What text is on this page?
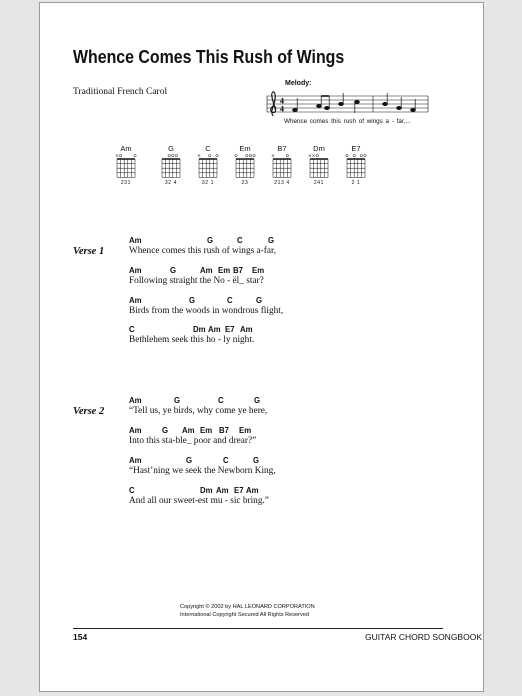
Whence Comes This Rush of Wings
Traditional French Carol
Melody:
4
4
Whence comes this rush of wings a - far,...
Am
231
G
32 4
C
32 1
Em
23
B7
213 4
Dm
241
E7
2 1
Verse 1
Am	G	C	G
Whence comes this rush of wings a-far,
Am	G	Am Em B7 Em
Following straight the No - ël_ star?
Am	G	C	G
Birds from the woods in wondrous flight,
C	Dm Am E7 Am
Bethlehem seek this ho - ly night.
Verse 2
Am	G	C	G
“Tell us, ye birds, why come ye here,
Am	G Am Em B7 Em
Into this sta-ble_ poor and drear?”
Am	G	C	G
“Hast’ning we seek the Newborn King,
C	Dm Am E7 Am
And all our sweet-est mu - sic bring.”
Copyright © 2002 by HAL LEONARD CORPORATION
International Copyright Secured All Rights Reserved
154	GUITAR CHORD SONGBOOK
